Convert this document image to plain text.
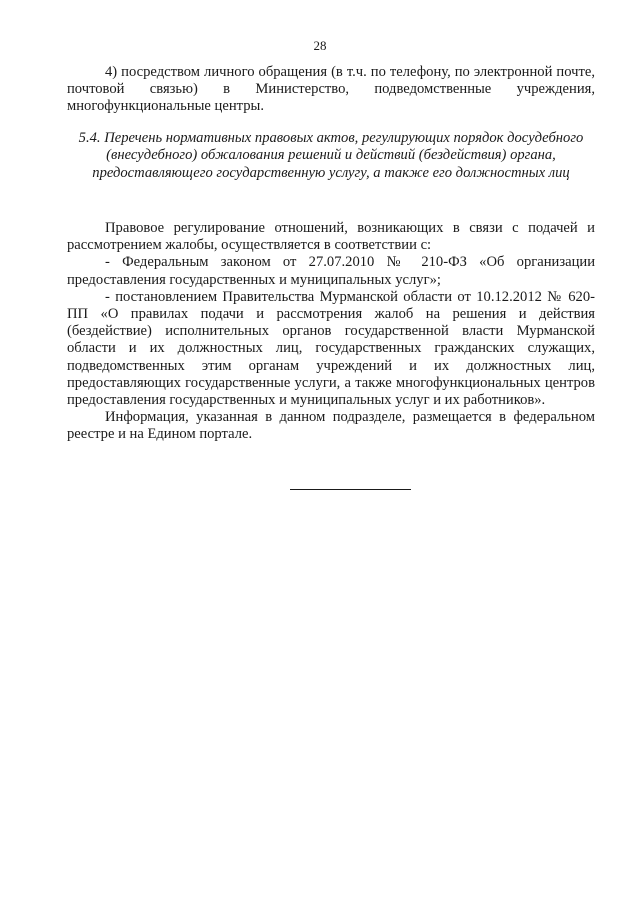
28

4) посредством личного обращения (в т.ч. по телефону, по электронной почте, почтовой связью) в Министерство, подведомственные учреждения, многофункциональные центры.

5.4. Перечень нормативных правовых актов, регулирующих порядок досудебного (внесудебного) обжалования решений и действий (бездействия) органа, предоставляющего государственную услугу, а также его должностных лиц

Правовое регулирование отношений, возникающих в связи с подачей и рассмотрением жалобы, осуществляется в соответствии с:

- Федеральным законом от 27.07.2010 № 210-ФЗ «Об организации предоставления государственных и муниципальных услуг»;

- постановлением Правительства Мурманской области от 10.12.2012 № 620-ПП «О правилах подачи и рассмотрения жалоб на решения и действия (бездействие) исполнительных органов государственной власти Мурманской области и их должностных лиц, государственных гражданских служащих, подведомственных этим органам учреждений и их должностных лиц, предоставляющих государственные услуги, а также многофункциональных центров предоставления государственных и муниципальных услуг и их работников».

Информация, указанная в данном подразделе, размещается в федеральном реестре и на Едином портале.
